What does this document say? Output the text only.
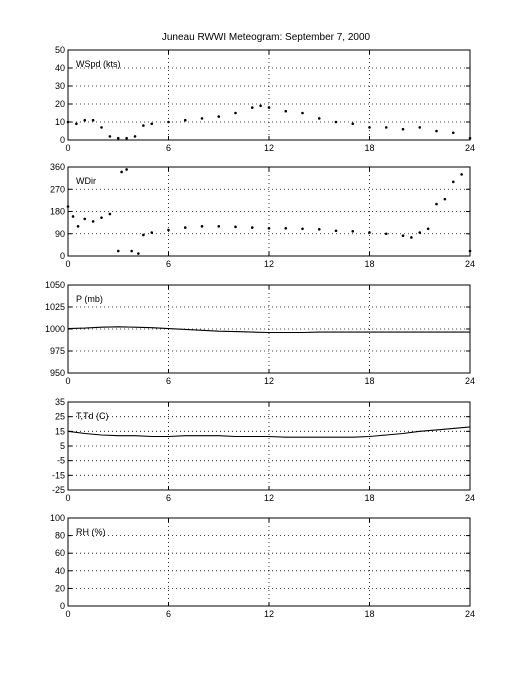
Juneau RWWI Meteogram: September 7, 2000
0	6	12	18	24
0
10
20
30
40
50
WSpd (kts)
0	6	12	18	24
0
90
180
270
360
WDir
0	6	12	18	24
950
975
1000
1025
1050
P (mb)
0	6	12	18	24
-25
-15
-5
5
15
25
35
T,Td (C)
0	6	12	18	24
0
20
40
60
80
100
RH (%)
